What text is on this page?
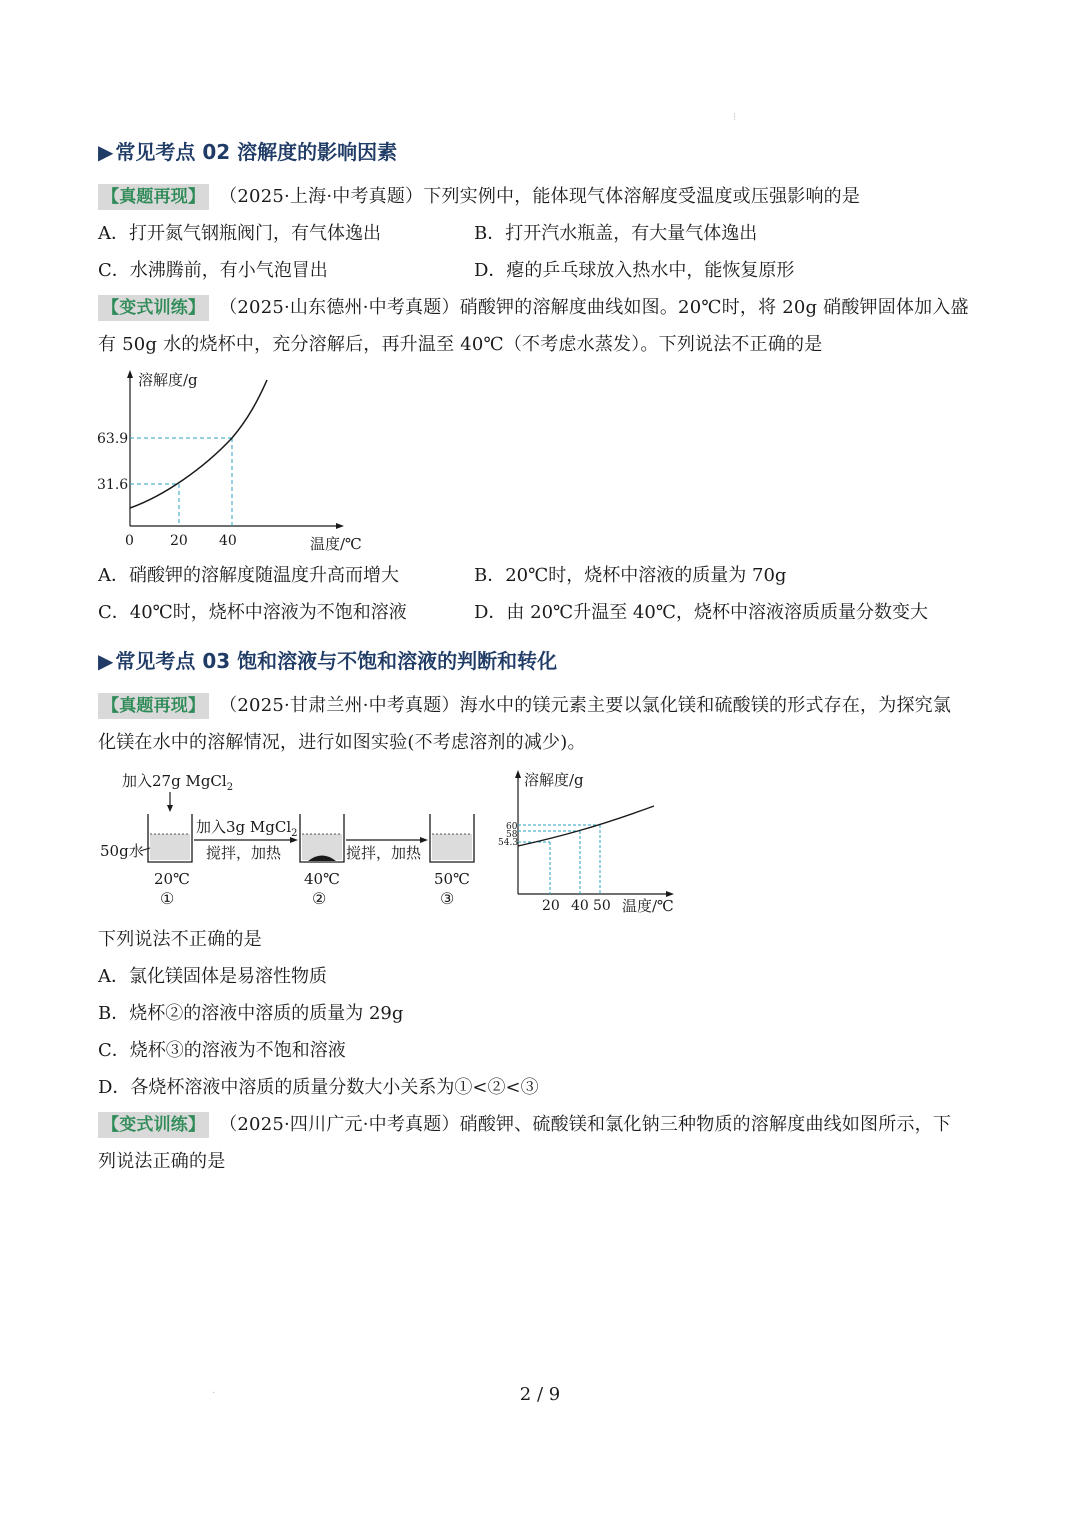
⁝
▶ 常见考点 02 溶解度的影响因素
【真题再现】 （2025·上海·中考真题）下列实例中，能体现气体溶解度受温度或压强影响的是
A．打开氮气钢瓶阀门，有气体逸出	B．打开汽水瓶盖，有大量气体逸出
C．水沸腾前，有小气泡冒出	D．瘪的乒乓球放入热水中，能恢复原形
【变式训练】 （2025·山东德州·中考真题）硝酸钾的溶解度曲线如图。20℃时，将 20g 硝酸钾固体加入盛
有 50g 水的烧杯中，充分溶解后，再升温至 40℃（不考虑水蒸发）。下列说法不正确的是
溶解度/g
温度/℃
0	20 40
63.9
31.6
A．硝酸钾的溶解度随温度升高而增大	B．20℃时，烧杯中溶液的质量为 70g
C．40℃时，烧杯中溶液为不饱和溶液	D．由 20℃升温至 40℃，烧杯中溶液溶质质量分数变大
▶ 常见考点 03 饱和溶液与不饱和溶液的判断和转化
【真题再现】 （2025·甘肃兰州·中考真题）海水中的镁元素主要以氯化镁和硫酸镁的形式存在，为探究氯
化镁在水中的溶解情况，进行如图实验(不考虑溶剂的减少)。
加入27g MgCl$_2$
50g水
20℃
①
加入3g MgCl$_2$
搅拌，加热
40℃
②
搅拌，加热
50℃
③
溶解度/g
温度/℃
20 40 50
60
58
54.3
下列说法不正确的是
A．氯化镁固体是易溶性物质
B．烧杯②的溶液中溶质的质量为 29g
C．烧杯③的溶液为不饱和溶液
D．各烧杯溶液中溶质的质量分数大小关系为①<②<③
【变式训练】 （2025·四川广元·中考真题）硝酸钾、硫酸镁和氯化钠三种物质的溶解度曲线如图所示，下
列说法正确的是
·	2 / 9
